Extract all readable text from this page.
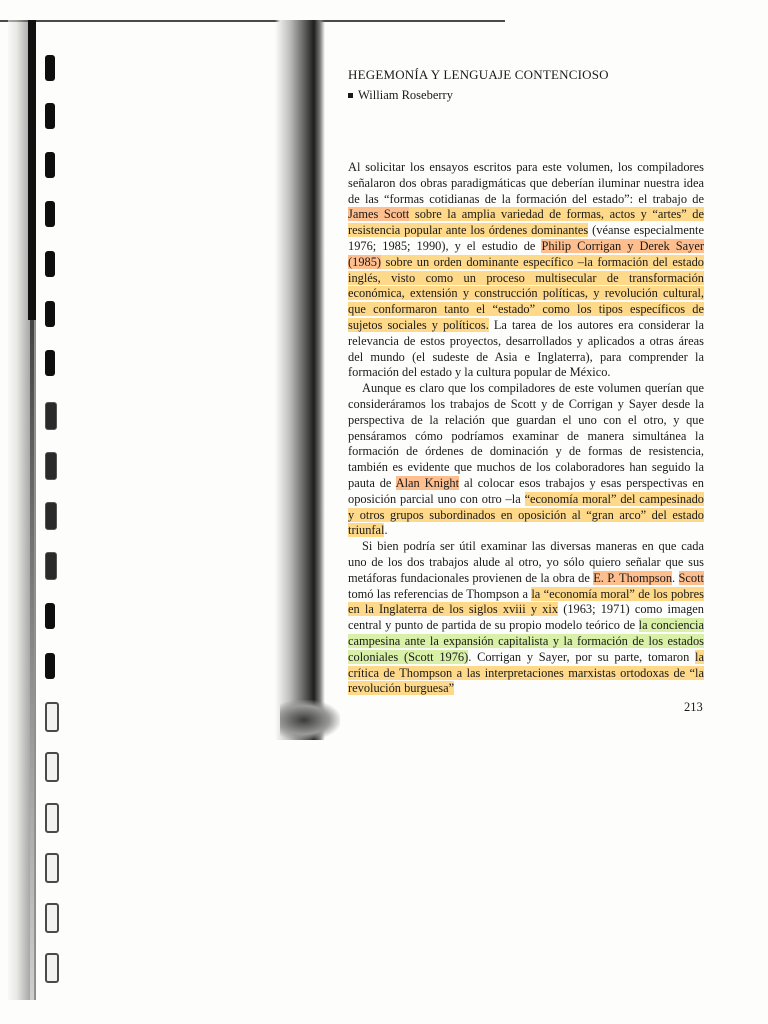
HEGEMONÍA Y LENGUAJE CONTENCIOSO
William Roseberry

Al solicitar los ensayos escritos para este volumen, los compiladores señalaron dos obras paradigmáticas que deberían iluminar nuestra idea de las “formas cotidianas de la formación del estado”: el trabajo de James Scott sobre la amplia variedad de formas, actos y “artes” de resistencia popular ante los órdenes dominantes (véanse especialmente 1976; 1985; 1990), y el estudio de Philip Corrigan y Derek Sayer (1985) sobre un orden dominante específico –la formación del estado inglés, visto como un proceso multisecular de transformación económica, extensión y construcción políticas, y revolución cultural, que conformaron tanto el “estado” como los tipos específicos de sujetos sociales y políticos. La tarea de los autores era considerar la relevancia de estos proyectos, desarrollados y aplicados a otras áreas del mundo (el sudeste de Asia e Inglaterra), para comprender la formación del estado y la cultura popular de México.

Aunque es claro que los compiladores de este volumen querían que consideráramos los trabajos de Scott y de Corrigan y Sayer desde la perspectiva de la relación que guardan el uno con el otro, y que pensáramos cómo podríamos examinar de manera simultánea la formación de órdenes de dominación y de formas de resistencia, también es evidente que muchos de los colaboradores han seguido la pauta de Alan Knight al colocar esos trabajos y esas perspectivas en oposición parcial uno con otro –la “economía moral” del campesinado y otros grupos subordinados en oposición al “gran arco” del estado triunfal.

Si bien podría ser útil examinar las diversas maneras en que cada uno de los dos trabajos alude al otro, yo sólo quiero señalar que sus metáforas fundacionales provienen de la obra de E. P. Thompson. Scott tomó las referencias de Thompson a la “economía moral” de los pobres en la Inglaterra de los siglos xviii y xix (1963; 1971) como imagen central y punto de partida de su propio modelo teórico de la conciencia campesina ante la expansión capitalista y la formación de los estados coloniales (Scott 1976). Corrigan y Sayer, por su parte, tomaron la crítica de Thompson a las interpretaciones marxistas ortodoxas de “la revolución burguesa”

213
